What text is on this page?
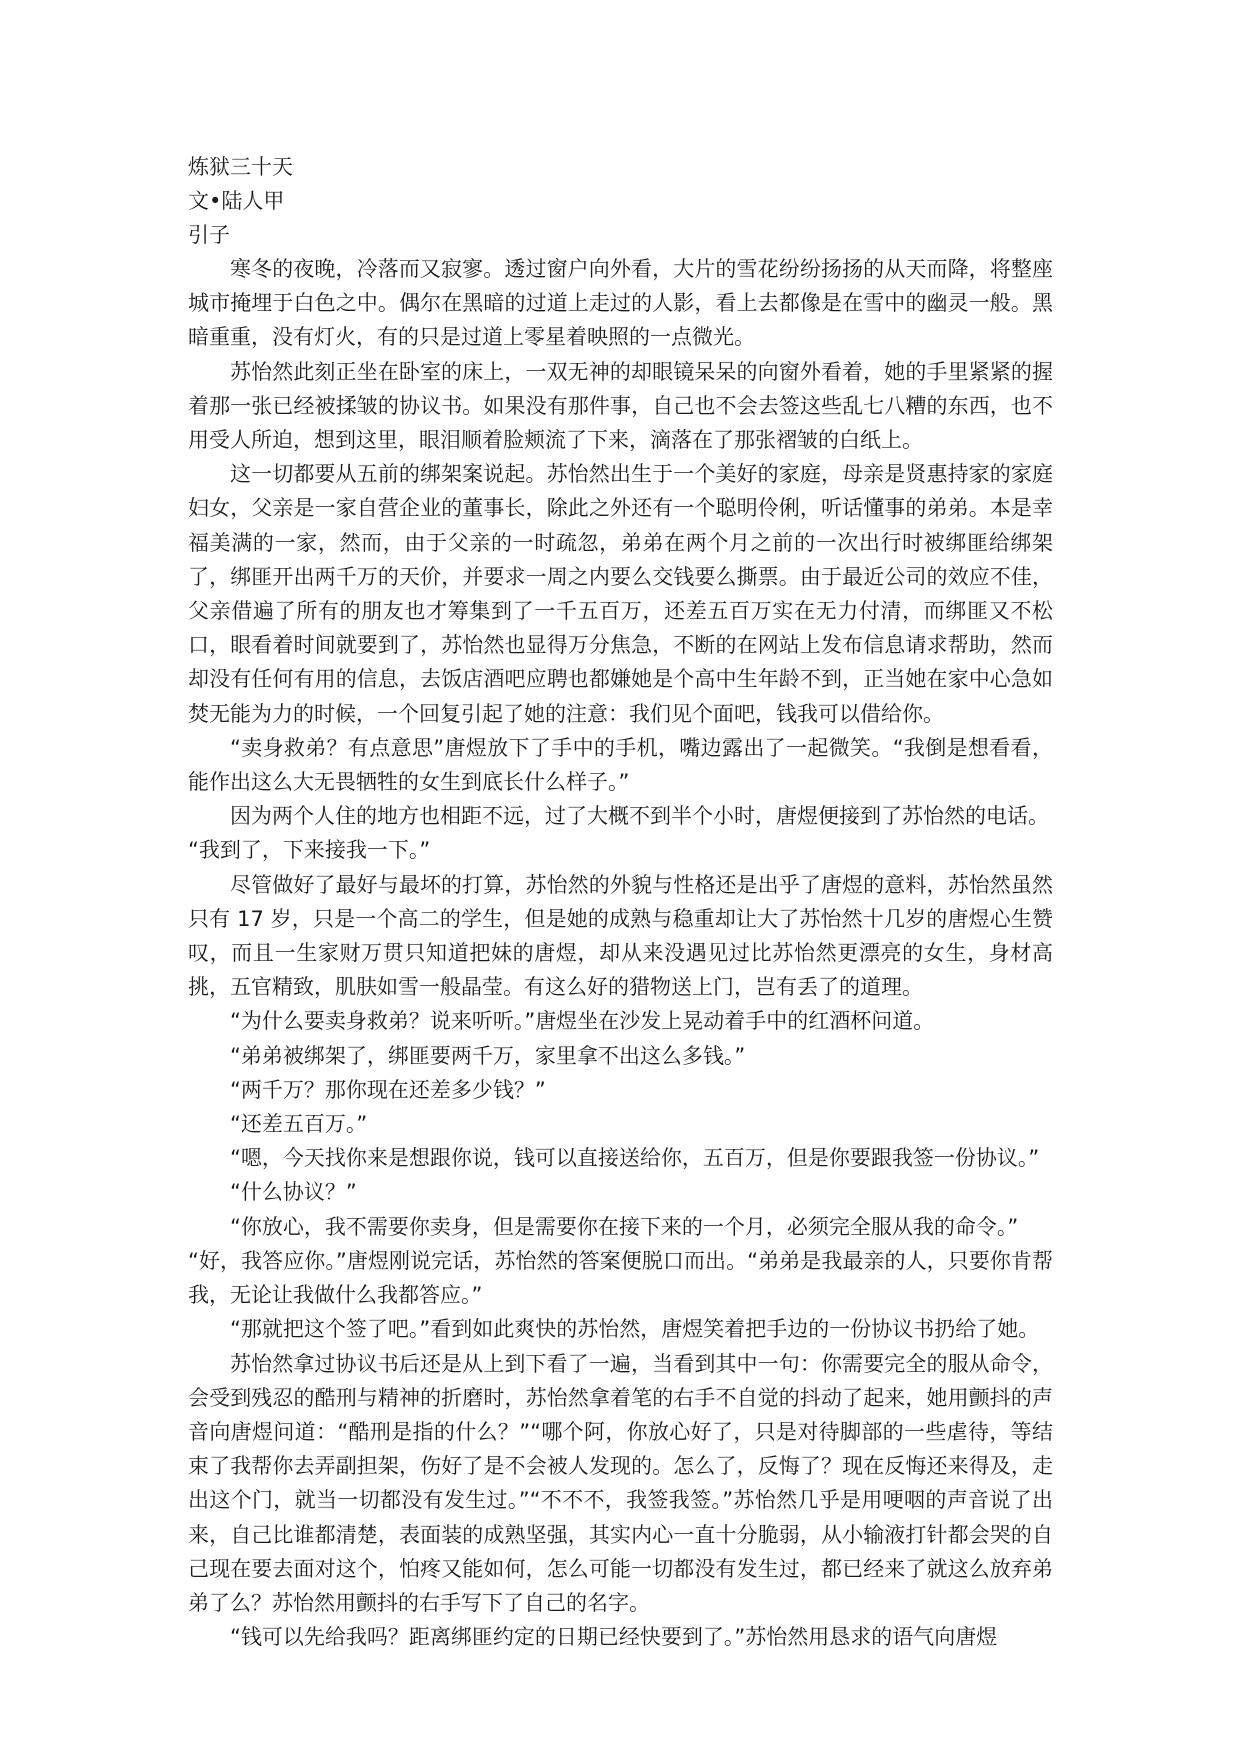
炼狱三十天
文•陆人甲
引子

寒冬的夜晚，冷落而又寂寥。透过窗户向外看，大片的雪花纷纷扬扬的从天而降，将整座城市掩埋于白色之中。偶尔在黑暗的过道上走过的人影，看上去都像是在雪中的幽灵一般。黑暗重重，没有灯火，有的只是过道上零星着映照的一点微光。

苏怡然此刻正坐在卧室的床上，一双无神的却眼镜呆呆的向窗外看着，她的手里紧紧的握着那一张已经被揉皱的协议书。如果没有那件事，自己也不会去签这些乱七八糟的东西，也不用受人所迫，想到这里，眼泪顺着脸颊流了下来，滴落在了那张褶皱的白纸上。

这一切都要从五前的绑架案说起。苏怡然出生于一个美好的家庭，母亲是贤惠持家的家庭妇女，父亲是一家自营企业的董事长，除此之外还有一个聪明伶俐，听话懂事的弟弟。本是幸福美满的一家，然而，由于父亲的一时疏忽，弟弟在两个月之前的一次出行时被绑匪给绑架了，绑匪开出两千万的天价，并要求一周之内要么交钱要么撕票。由于最近公司的效应不佳，父亲借遍了所有的朋友也才筹集到了一千五百万，还差五百万实在无力付清，而绑匪又不松口，眼看着时间就要到了，苏怡然也显得万分焦急，不断的在网站上发布信息请求帮助，然而却没有任何有用的信息，去饭店酒吧应聘也都嫌她是个高中生年龄不到，正当她在家中心急如焚无能为力的时候，一个回复引起了她的注意：我们见个面吧，钱我可以借给你。

“卖身救弟？有点意思”唐煜放下了手中的手机，嘴边露出了一起微笑。“我倒是想看看，能作出这么大无畏牺牲的女生到底长什么样子。”

因为两个人住的地方也相距不远，过了大概不到半个小时，唐煜便接到了苏怡然的电话。

“我到了，下来接我一下。”

尽管做好了最好与最坏的打算，苏怡然的外貌与性格还是出乎了唐煜的意料，苏怡然虽然只有 17 岁，只是一个高二的学生，但是她的成熟与稳重却让大了苏怡然十几岁的唐煜心生赞叹，而且一生家财万贯只知道把妹的唐煜，却从来没遇见过比苏怡然更漂亮的女生，身材高挑，五官精致，肌肤如雪一般晶莹。有这么好的猎物送上门，岂有丢了的道理。

“为什么要卖身救弟？说来听听。”唐煜坐在沙发上晃动着手中的红酒杯问道。

“弟弟被绑架了，绑匪要两千万，家里拿不出这么多钱。”

“两千万？那你现在还差多少钱？”

“还差五百万。”

“嗯，今天找你来是想跟你说，钱可以直接送给你，五百万，但是你要跟我签一份协议。”

“什么协议？”

“你放心，我不需要你卖身，但是需要你在接下来的一个月，必须完全服从我的命令。”

“好，我答应你。”唐煜刚说完话，苏怡然的答案便脱口而出。“弟弟是我最亲的人，只要你肯帮我，无论让我做什么我都答应。”

“那就把这个签了吧。”看到如此爽快的苏怡然，唐煜笑着把手边的一份协议书扔给了她。

苏怡然拿过协议书后还是从上到下看了一遍，当看到其中一句：你需要完全的服从命令，会受到残忍的酷刑与精神的折磨时，苏怡然拿着笔的右手不自觉的抖动了起来，她用颤抖的声音向唐煜问道：“酷刑是指的什么？”“哪个阿，你放心好了，只是对待脚部的一些虐待，等结束了我帮你去弄副担架，伤好了是不会被人发现的。怎么了，反悔了？现在反悔还来得及，走出这个门，就当一切都没有发生过。”“不不不，我签我签。”苏怡然几乎是用哽咽的声音说了出来，自己比谁都清楚，表面装的成熟坚强，其实内心一直十分脆弱，从小输液打针都会哭的自己现在要去面对这个，怕疼又能如何，怎么可能一切都没有发生过，都已经来了就这么放弃弟弟了么？苏怡然用颤抖的右手写下了自己的名字。

“钱可以先给我吗？距离绑匪约定的日期已经快要到了。”苏怡然用恳求的语气向唐煜
